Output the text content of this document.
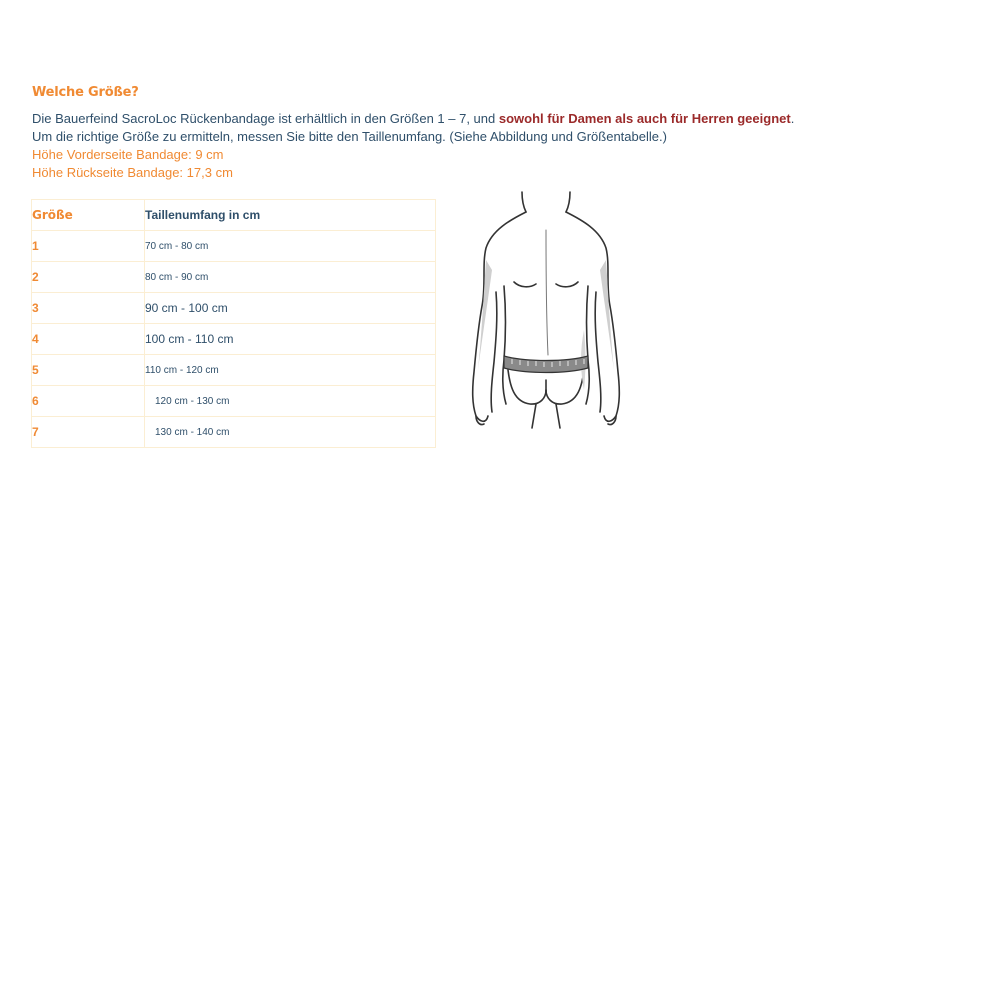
Welche Größe?
Die Bauerfeind SacroLoc Rückenbandage ist erhältlich in den Größen 1 – 7, und sowohl für Damen als auch für Herren geeignet.
Um die richtige Größe zu ermitteln, messen Sie bitte den Taillenumfang. (Siehe Abbildung und Größentabelle.)
Höhe Vorderseite Bandage: 9 cm
Höhe Rückseite Bandage: 17,3 cm
Größe	Taillenumfang in cm
1	70 cm - 80 cm
2	80 cm - 90 cm
3	90 cm - 100 cm
4	100 cm - 110 cm
5	110 cm - 120 cm
6	120 cm - 130 cm
7	130 cm - 140 cm
